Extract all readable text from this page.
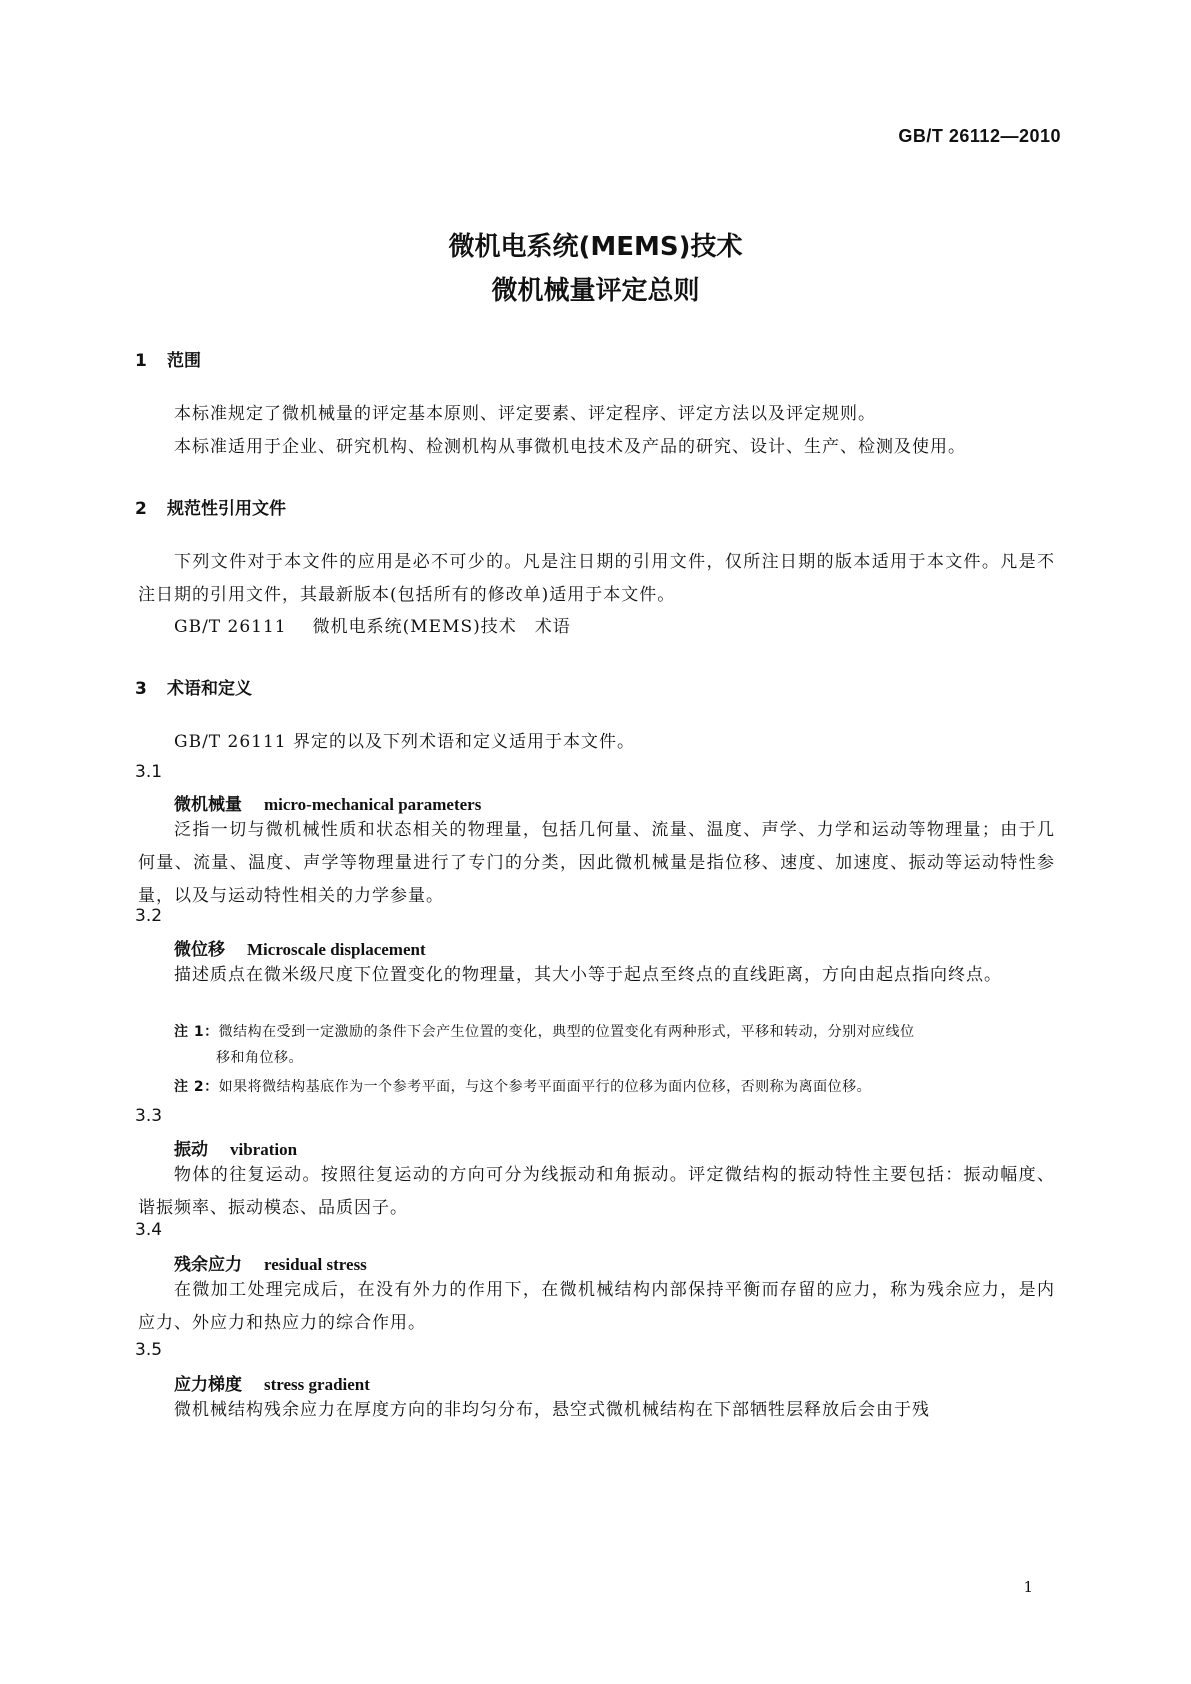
GB/T 26112—2010
微机电系统(MEMS)技术
微机械量评定总则
1 范围

本标准规定了微机械量的评定基本原则、评定要素、评定程序、评定方法以及评定规则。

本标准适用于企业、研究机构、检测机构从事微机电技术及产品的研究、设计、生产、检测及使用。

2 规范性引用文件

下列文件对于本文件的应用是必不可少的。凡是注日期的引用文件，仅所注日期的版本适用于本文件。凡是不注日期的引用文件，其最新版本(包括所有的修改单)适用于本文件。

GB/T 26111 微机电系统(MEMS)技术　术语
3 术语和定义

GB/T 26111 界定的以及下列术语和定义适用于本文件。

3.1
微机械量 micro-mechanical parameters

泛指一切与微机械性质和状态相关的物理量，包括几何量、流量、温度、声学、力学和运动等物理量；由于几何量、流量、温度、声学等物理量进行了专门的分类，因此微机械量是指位移、速度、加速度、振动等运动特性参量，以及与运动特性相关的力学参量。

3.2
微位移 Microscale displacement

描述质点在微米级尺度下位置变化的物理量，其大小等于起点至终点的直线距离，方向由起点指向终点。

注 1：微结构在受到一定激励的条件下会产生位置的变化，典型的位置变化有两种形式，平移和转动，分别对应线位
移和角位移。

注 2：如果将微结构基底作为一个参考平面，与这个参考平面面平行的位移为面内位移，否则称为离面位移。

3.3
振动 vibration

物体的往复运动。按照往复运动的方向可分为线振动和角振动。评定微结构的振动特性主要包括：振动幅度、谐振频率、振动模态、品质因子。

3.4
残余应力 residual stress

在微加工处理完成后，在没有外力的作用下，在微机械结构内部保持平衡而存留的应力，称为残余应力，是内应力、外应力和热应力的综合作用。

3.5
应力梯度 stress gradient

微机械结构残余应力在厚度方向的非均匀分布，悬空式微机械结构在下部牺牲层释放后会由于残

1
